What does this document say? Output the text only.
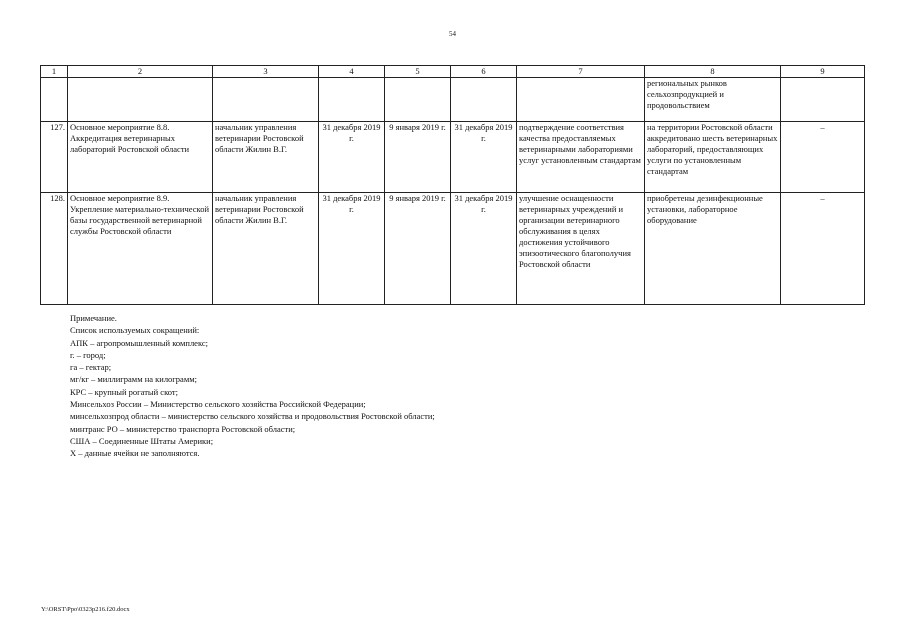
54
1	2	3	4	5	6	7	8	9
							региональных рынков сельхозпродукцией и продовольствием	
127.	Основное мероприятие 8.8. Аккредитация ветеринарных лабораторий Ростовской области	начальник управления ветеринарии Ростовской области Жилин В.Г.	31 декабря 2019 г.	9 января 2019 г.	31 декабря 2019 г.	подтверждение соответствия качества предоставляемых ветеринарными лабораториями услуг установленным стандартам	на территории Ростовской области аккредитовано шесть ветеринарных лабораторий, предоставляющих услуги по установленным стандартам	–
128.	Основное мероприятие 8.9. Укрепление материально-технической базы государственной ветеринарной службы Ростовской области	начальник управления ветеринарии Ростовской области Жилин В.Г.	31 декабря 2019 г.	9 января 2019 г.	31 декабря 2019 г.	улучшение оснащенности ветеринарных учреждений и организации ветеринарного обслуживания в целях достижения устойчивого эпизоотического благополучия Ростовской области	приобретены дезинфекционные установки, лабораторное оборудование	–
Примечание.
Список используемых сокращений:
АПК – агропромышленный комплекс;
г. – город;
га – гектар;
мг/кг – миллиграмм на килограмм;
КРС – крупный рогатый скот;
Минсельхоз России – Министерство сельского хозяйства Российской Федерации;
минсельхозпрод области – министерство сельского хозяйства и продовольствия Ростовской области;
минтранс РО – министерство транспорта Ростовской области;
США – Соединенные Штаты Америки;
Х – данные ячейки не заполняются.
Y:\ORST\Ppo\0323p216.f20.docx
